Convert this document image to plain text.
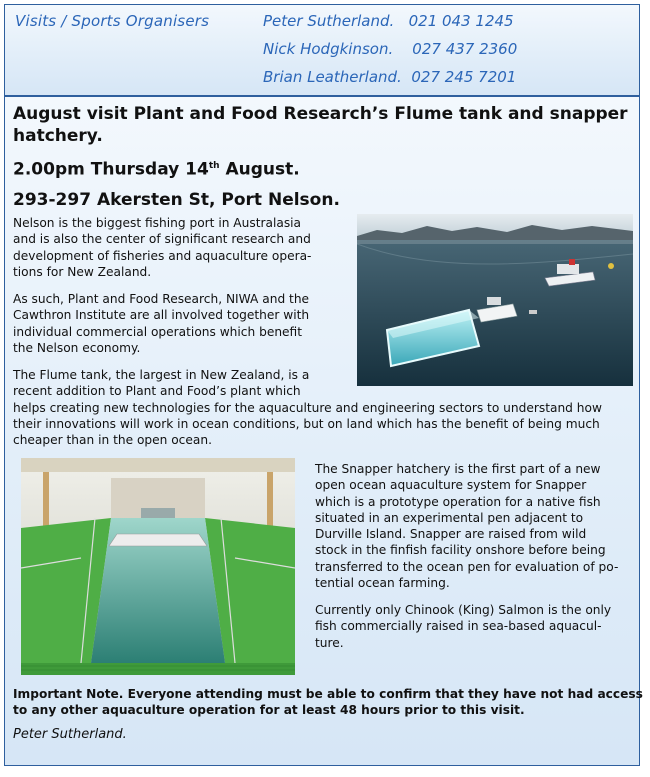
Visits / Sports Organisers	Peter Sutherland. 021 043 1245
Nick Hodgkinson. 027 437 2360
Brian Leatherland. 027 245 7201
August visit Plant and Food Research’s Flume tank and snapper
hatchery.
2.00pm Thursday 14th August.
293-297 Akersten St, Port Nelson.
Nelson is the biggest fishing port in Australasia
and is also the center of significant research and
development of fisheries and aquaculture opera-
tions for New Zealand.
As such, Plant and Food Research, NIWA and the
Cawthron Institute are all involved together with
individual commercial operations which benefit
the Nelson economy.
The Flume tank, the largest in New Zealand, is a
recent addition to Plant and Food’s plant which
helps creating new technologies for the aquaculture and engineering sectors to understand how
their innovations will work in ocean conditions, but on land which has the benefit of being much
cheaper than in the open ocean.
The Snapper hatchery is the first part of a new
open ocean aquaculture system for Snapper
which is a prototype operation for a native fish
situated in an experimental pen adjacent to
Durville Island. Snapper are raised from wild
stock in the finfish facility onshore before being
transferred to the ocean pen for evaluation of po-
tential ocean farming.
Currently only Chinook (King) Salmon is the only
fish commercially raised in sea-based aquacul-
ture.
Important Note. Everyone attending must be able to confirm that they have not had access
to any other aquaculture operation for at least 48 hours prior to this visit.
Peter Sutherland.
